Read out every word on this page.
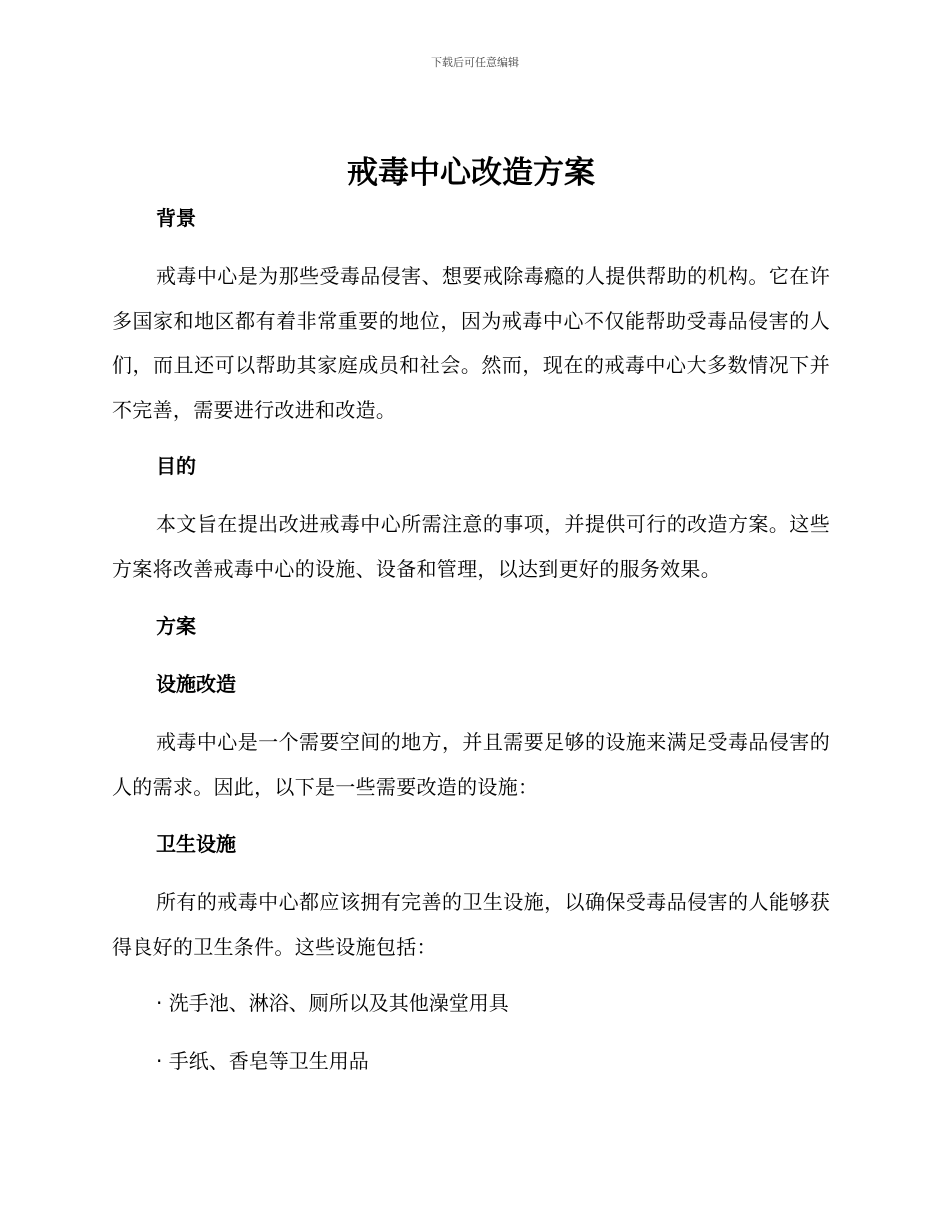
下载后可任意编辑
戒毒中心改造方案

背景

戒毒中心是为那些受毒品侵害、想要戒除毒瘾的人提供帮助的机构。它在许多国家和地区都有着非常重要的地位，因为戒毒中心不仅能帮助受毒品侵害的人们，而且还可以帮助其家庭成员和社会。然而，现在的戒毒中心大多数情况下并不完善，需要进行改进和改造。

目的

本文旨在提出改进戒毒中心所需注意的事项，并提供可行的改造方案。这些方案将改善戒毒中心的设施、设备和管理，以达到更好的服务效果。

方案

设施改造

戒毒中心是一个需要空间的地方，并且需要足够的设施来满足受毒品侵害的人的需求。因此，以下是一些需要改造的设施：

卫生设施

所有的戒毒中心都应该拥有完善的卫生设施，以确保受毒品侵害的人能够获得良好的卫生条件。这些设施包括：

· 洗手池、淋浴、厕所以及其他澡堂用具

· 手纸、香皂等卫生用品
